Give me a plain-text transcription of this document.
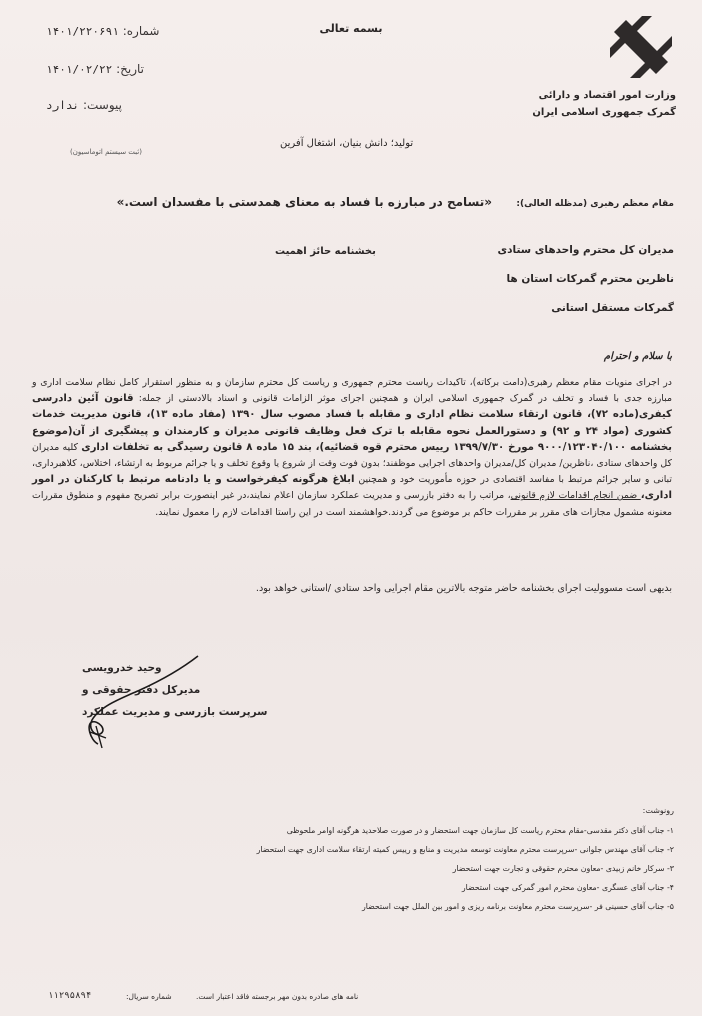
بسمه تعالی
وزارت امور اقتصاد و دارائی
گمرک جمهوری اسلامی ایران
شماره: ۱۴۰۱/۲۲۰۶۹۱
تاریخ: ۱۴۰۱/۰۲/۲۲
پیوست: ندارد
(ثبت سیستم اتوماسیون)
تولید؛ دانش بنیان، اشتغال آفرین
مقام معظم رهبری (مدظله العالی):
«تسامح در مبارزه با فساد به معنای همدستی با مفسدان است.»
مدیران کل محترم واحدهای ستادی
ناظرین محترم گمرکات استان ها
گمرکات مستقل استانی
بخشنامه حائز اهمیت
با سلام و احترام
در اجرای منویات مقام معظم رهبری(دامت برکاته)، تاکیدات ریاست محترم جمهوری و ریاست کل محترم سازمان و به منظور استقرار کامل نظام سلامت اداری و مبارزه جدی با فساد و تخلف در گمرک جمهوری اسلامی ایران و همچنین اجرای موثر الزامات قانونی و اسناد بالادستی از جمله: قانون آئین دادرسی کیفری(ماده ۷۲)، قانون ارتقاء سلامت نظام اداری و مقابله با فساد مصوب سال ۱۳۹۰ (مفاد ماده ۱۳)، قانون مدیریت خدمات کشوری (مواد ۲۴ و ۹۲) و دستورالعمل نحوه مقابله با ترک فعل وظایف قانونی مدیران و کارمندان و پیشگیری از آن(موضوع بخشنامه ۹۰۰۰/۱۲۳۰۴۰/۱۰۰ مورخ ۱۳۹۹/۷/۳۰ رییس محترم قوه قضائیه)، بند ۱۵ ماده ۸ قانون رسیدگی به تخلفات اداری کلیه مدیران کل واحدهای ستادی ،ناظرین/ مدیران کل/مدیران واحدهای اجرایی موظفند؛ بدون فوت وقت از شروع یا وقوع تخلف و یا جرائم مربوط به ارتشاء، اختلاس، کلاهبرداری، تبانی و سایر جرائم مرتبط با مفاسد اقتصادی در حوزه مأموریت خود و همچنین ابلاغ هرگونه کیفرخواست و یا دادنامه مرتبط با کارکنان در امور اداری، ضمن انجام اقدامات لازم قانونی، مراتب را به دفتر بازرسی و مدیریت عملکرد سازمان اعلام نمایند،در غیر اینصورت برابر تصریح مفهوم و منطوق مقررات معنونه مشمول مجازات های مقرر بر مقررات حاکم بر موضوع می گردند.خواهشمند است در این راستا اقدامات لازم را معمول نمایند.
بدیهی است مسوولیت اجرای بخشنامه حاضر متوجه بالاترین مقام اجرایی واحد ستادی /استانی خواهد بود.
وحید خدرویسی
مدیرکل دفتر حقوقی و
سرپرست بازرسی و مدیریت عملکرد
رونوشت:
۱- جناب آقای دکتر مقدسی-مقام محترم ریاست کل سازمان جهت استحضار و در صورت صلاحدید هرگونه اوامر ملحوظی
۲- جناب آقای مهندس جلوانی -سرپرست محترم معاونت توسعه مدیریت و منابع و رییس کمیته ارتقاء سلامت اداری جهت استحضار
۳- سرکار خانم زبیدی -معاون محترم حقوقی و تجارت جهت استحضار
۴- جناب آقای عسگری -معاون محترم امور گمرکی جهت استحضار
۵- جناب آقای حسینی فر -سرپرست محترم معاونت برنامه ریزی و امور بین الملل جهت استحضار
نامه های صادره بدون مهر برجسته فاقد اعتبار است.
شماره سریال:
۱۱۲۹۵۸۹۴
